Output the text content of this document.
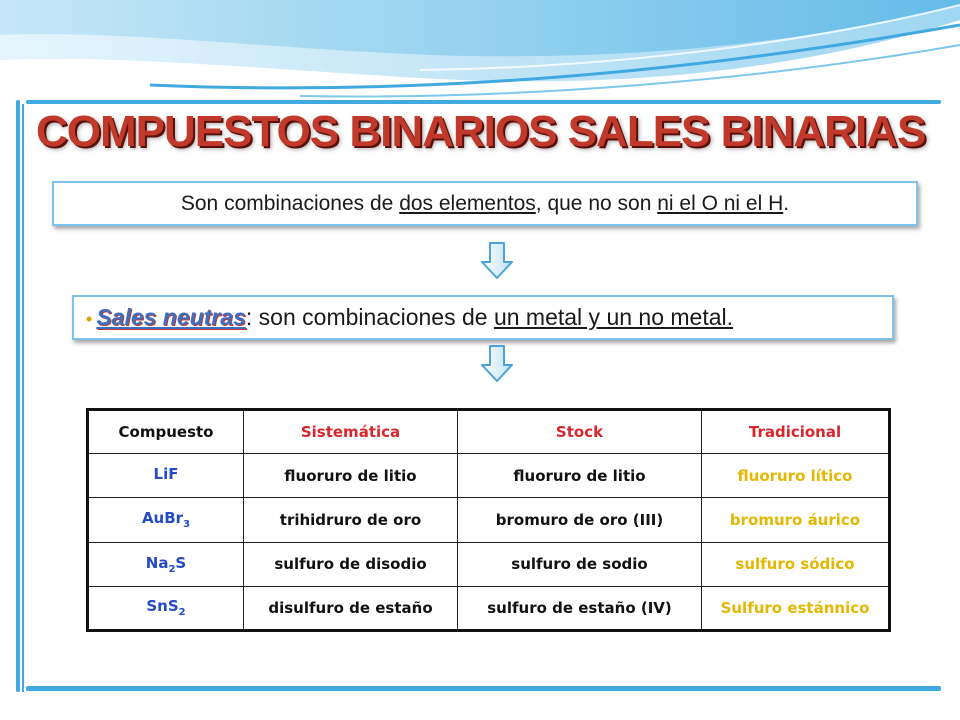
COMPUESTOS BINARIOS SALES BINARIAS
Son combinaciones de dos elementos, que no son ni el O ni el H.
• Sales neutras: son combinaciones de un metal y un no metal.
Compuesto	Sistemática	Stock	Tradicional
LiF	fluoruro de litio	fluoruro de litio	fluoruro lítico
AuBr$_3$	trihidruro de oro	bromuro de oro (III)	bromuro áurico
$Na_2S$	sulfuro de disodio	sulfuro de sodio	sulfuro sódico
SnS$_2$	disulfuro de estaño	sulfuro de estaño (IV)	Sulfuro estánnico
